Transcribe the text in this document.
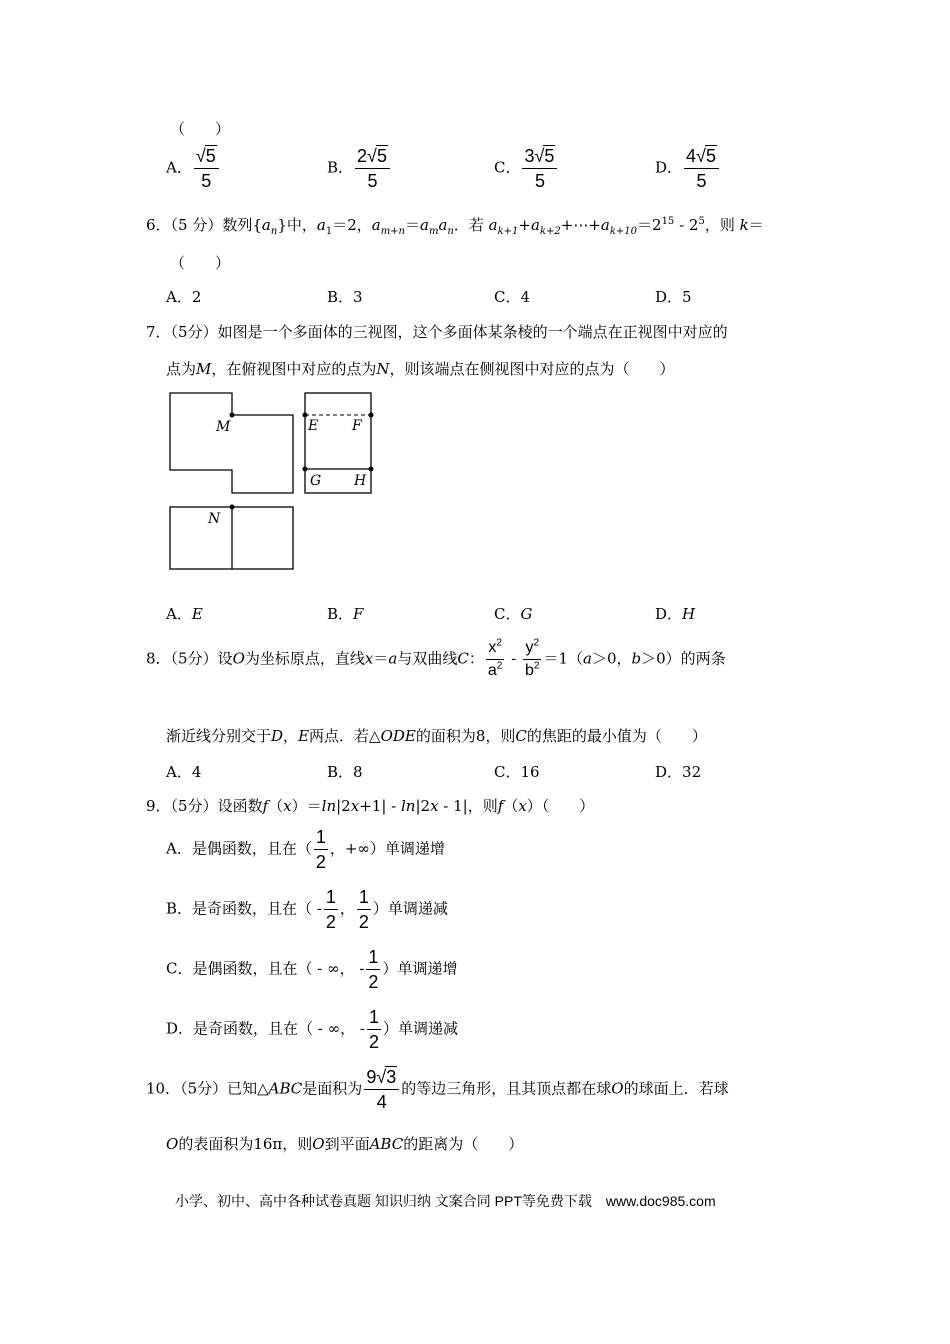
（　　）
A． $\frac{√5}{5}$	B． $\frac{2√5}{5}$	C． $\frac{3√5}{5}$	D． $\frac{4√5}{5}$
6．（5 分）数列$\{a_n\}$中，$a_1=2$，$a_{m+n}=a_ma_n$．若 $a_{k+1}+a_{k+2}+\cdots+a_{k+10}=2^{15} - 2^5$，则 k＝
（　　）
A．2	B．3	C．4	D．5
7．（5分）如图是一个多面体的三视图，这个多面体某条棱的一个端点在正视图中对应的
点为M，在俯视图中对应的点为N，则该端点在侧视图中对应的点为（　　）
M	E F
G H
N
A．E	B．F	C．G	D．H
8．（5分）设O为坐标原点，直线x＝a与双曲线C： $\frac{x^2}{a^2} - \frac{y^2}{b^2} =1(a>0$，b＞0）的两条
渐近线分别交于D，E两点．若△ODE的面积为8，则C的焦距的最小值为（　　）
A．4	B．8	C．16	D．32
9．（5分）设函数f（x）＝ln|2x+1| - ln|2x - 1|，则f（x）（　　）
A．是偶函数，且在（ $\frac{1}{2}$ ，+∞）单调递增
B．是奇函数，且在（ - $\frac{1}{2}$ ， $\frac{1}{2}$ ）单调递减
C．是偶函数，且在（ - ∞， - $\frac{1}{2}$ ）单调递增
D．是奇函数，且在（ - ∞， - $\frac{1}{2}$ ）单调递减
10．（5分）已知△ABC是面积为 $\frac{9√3}{4}$ 的等边三角形，且其顶点都在球O的球面上．若球
O的表面积为16π，则O到平面ABC的距离为（　　）
小学、初中、高中各种试卷真题 知识归纳 文案合同 PPT等免费下载　www.doc985.com
